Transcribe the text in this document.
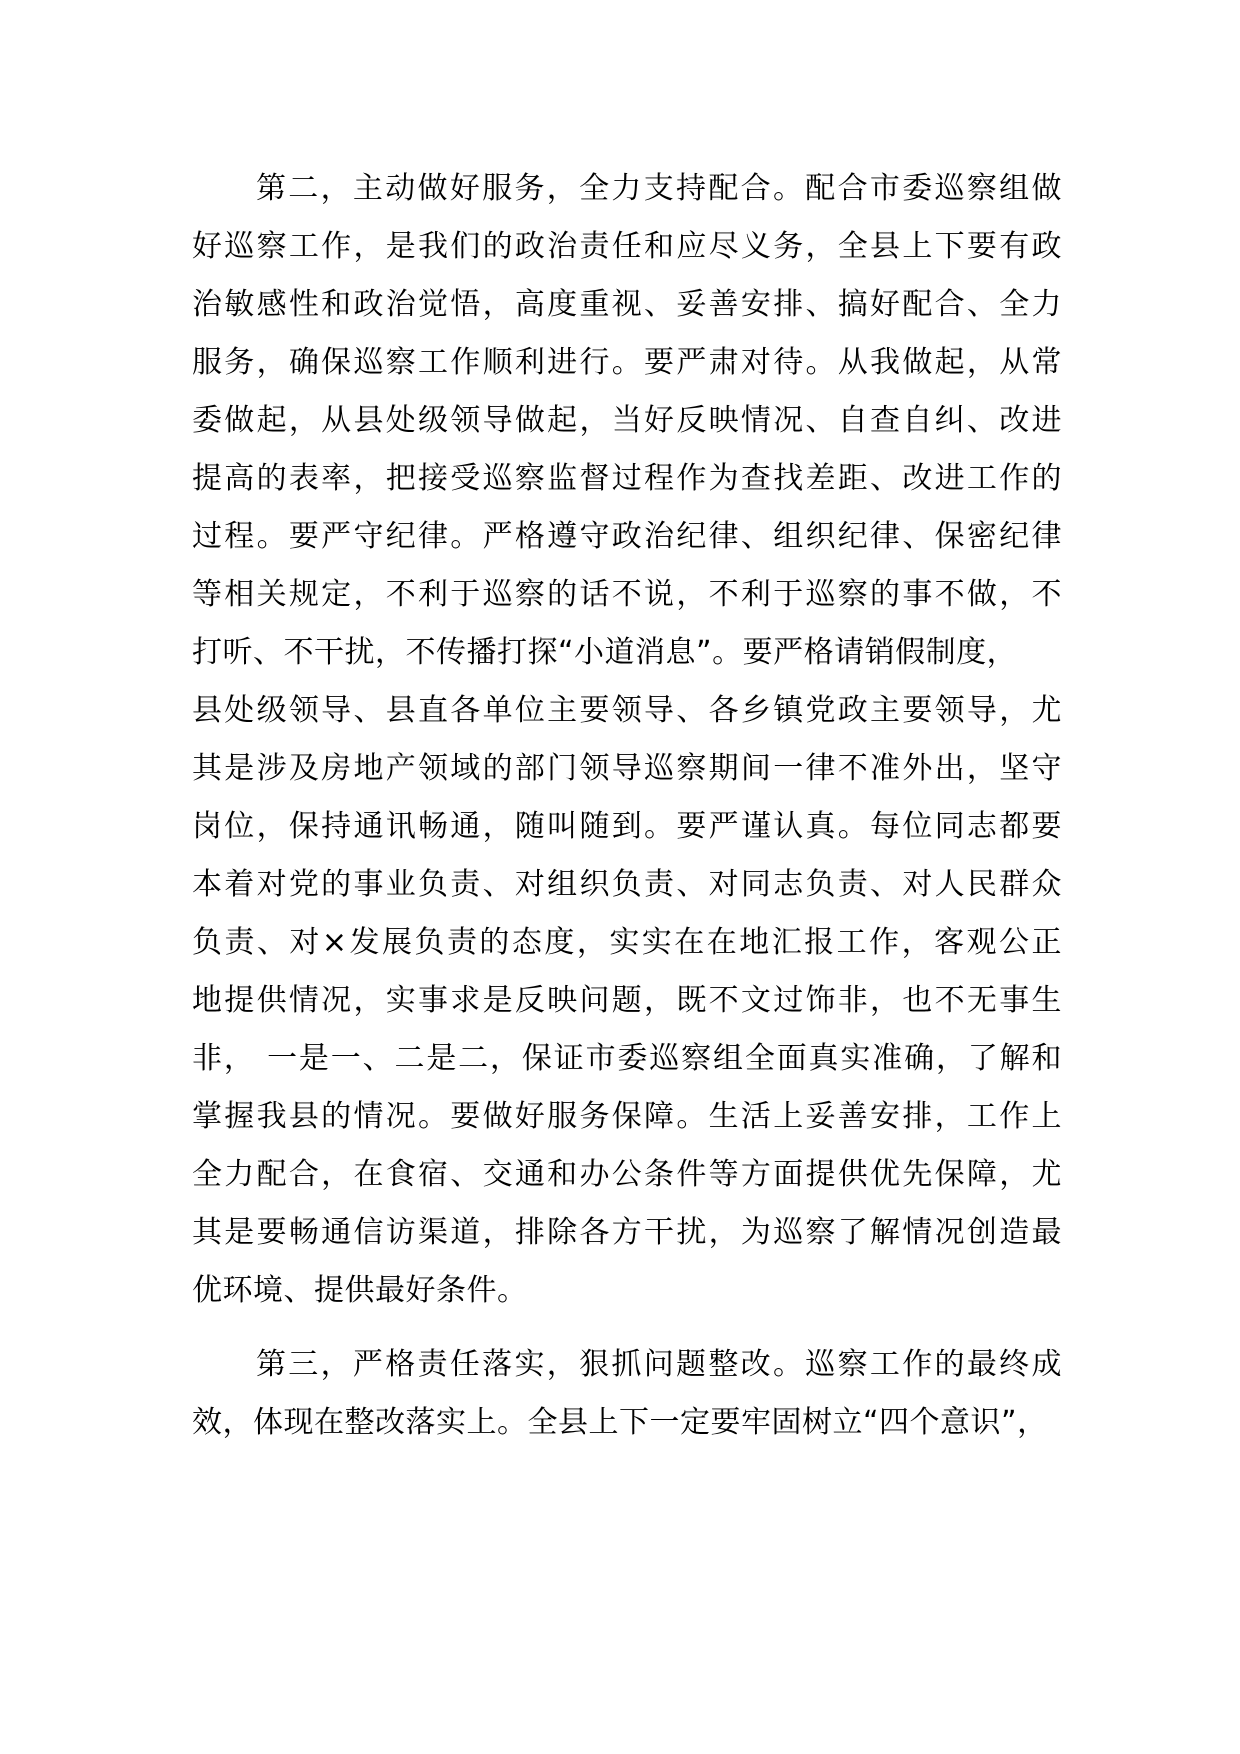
第二，主动做好服务，全力支持配合。配合市委巡察组做
好巡察工作，是我们的政治责任和应尽义务，全县上下要有政
治敏感性和政治觉悟，高度重视、妥善安排、搞好配合、全力
服务，确保巡察工作顺利进行。要严肃对待。从我做起，从常
委做起，从县处级领导做起，当好反映情况、自查自纠、改进
提高的表率，把接受巡察监督过程作为查找差距、改进工作的
过程。要严守纪律。严格遵守政治纪律、组织纪律、保密纪律
等相关规定，不利于巡察的话不说，不利于巡察的事不做，不
打听、不干扰，不传播打探“小道消息”。要严格请销假制度，
县处级领导、县直各单位主要领导、各乡镇党政主要领导，尤
其是涉及房地产领域的部门领导巡察期间一律不准外出，坚守
岗位，保持通讯畅通，随叫随到。要严谨认真。每位同志都要
本着对党的事业负责、对组织负责、对同志负责、对人民群众
负责、对×发展负责的态度，实实在在地汇报工作，客观公正
地提供情况，实事求是反映问题，既不文过饰非，也不无事生
非， 一是一、二是二，保证市委巡察组全面真实准确，了解和
掌握我县的情况。要做好服务保障。生活上妥善安排，工作上
全力配合，在食宿、交通和办公条件等方面提供优先保障，尤
其是要畅通信访渠道，排除各方干扰，为巡察了解情况创造最
优环境、提供最好条件。
第三，严格责任落实，狠抓问题整改。巡察工作的最终成
效，体现在整改落实上。全县上下一定要牢固树立“四个意识”，
